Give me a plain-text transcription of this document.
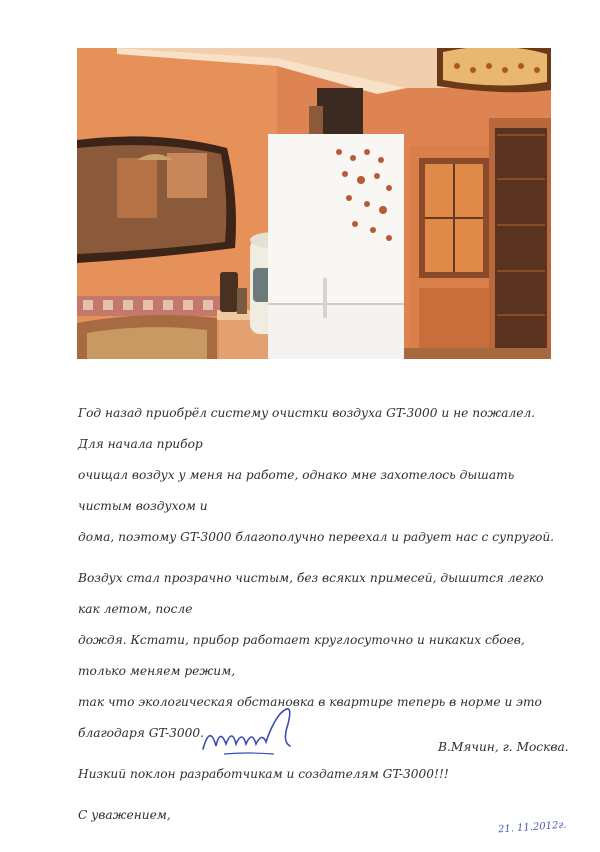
Год назад приобрёл систему очистки воздуха GT-3000 и не пожалел. Для начала прибор

очищал воздух у меня на работе, однако мне захотелось дышать чистым воздухом и

дома, поэтому GT-3000 благополучно переехал и радует нас с супругой.

Воздух стал прозрачно чистым, без всяких примесей, дышится легко как летом, после

дождя. Кстати, прибор работает круглосуточно и никаких сбоев, только меняем режим,

так что экологическая обстановка в квартире теперь в норме и это благодаря GT-3000.

Низкий поклон разработчикам и создателям GT-3000!!!

С уважением,

В.Мячин, г. Москва.
21. 11.2012г.
